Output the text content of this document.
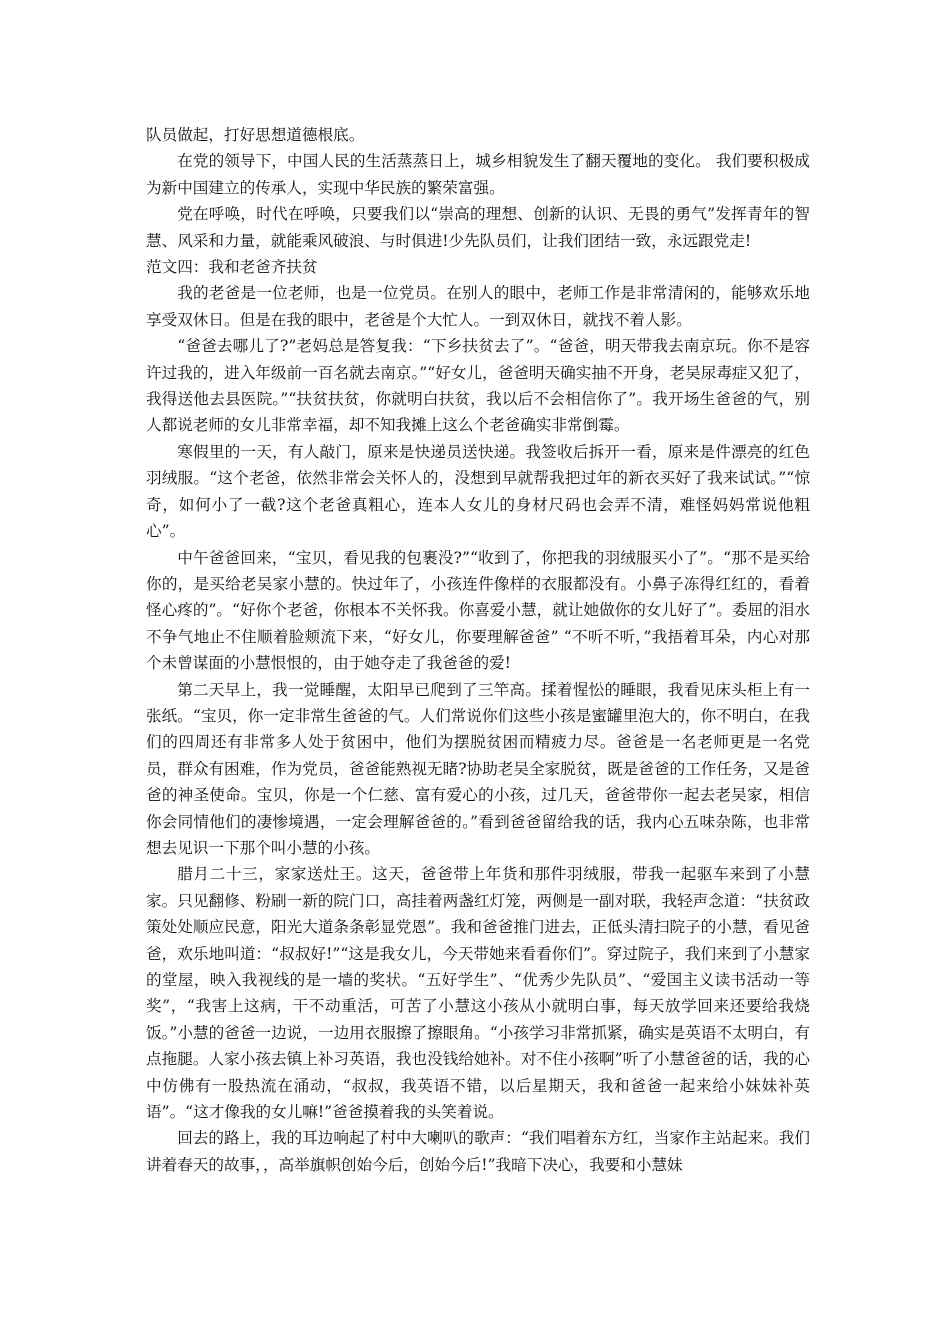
队员做起，打好思想道德根底。

在党的领导下，中国人民的生活蒸蒸日上，城乡相貌发生了翻天覆地的变化。 我们要积极成为新中国建立的传承人，实现中华民族的繁荣富强。

党在呼唤，时代在呼唤，只要我们以“崇高的理想、创新的认识、无畏的勇气”发挥青年的智慧、风采和力量，就能乘风破浪、与时俱进!少先队员们，让我们团结一致，永远跟党走!

范文四：我和老爸齐扶贫

我的老爸是一位老师，也是一位党员。在别人的眼中，老师工作是非常清闲的，能够欢乐地享受双休日。但是在我的眼中，老爸是个大忙人。一到双休日，就找不着人影。

“爸爸去哪儿了?”老妈总是答复我：“下乡扶贫去了”。“爸爸，明天带我去南京玩。你不是容许过我的，进入年级前一百名就去南京。”“好女儿，爸爸明天确实抽不开身，老吴尿毒症又犯了，我得送他去县医院。”“扶贫扶贫，你就明白扶贫，我以后不会相信你了”。我开场生爸爸的气，别人都说老师的女儿非常幸福，却不知我摊上这么个老爸确实非常倒霉。

寒假里的一天，有人敲门，原来是快递员送快递。我签收后拆开一看，原来是件漂亮的红色羽绒服。“这个老爸，依然非常会关怀人的，没想到早就帮我把过年的新衣买好了我来试试。”“惊奇，如何小了一截?这个老爸真粗心，连本人女儿的身材尺码也会弄不清，难怪妈妈常说他粗心”。

中午爸爸回来，“宝贝，看见我的包裹没?”“收到了，你把我的羽绒服买小了”。“那不是买给你的，是买给老吴家小慧的。快过年了，小孩连件像样的衣服都没有。小鼻子冻得红红的，看着怪心疼的”。“好你个老爸，你根本不关怀我。你喜爱小慧，就让她做你的女儿好了”。委屈的泪水不争气地止不住顺着脸颊流下来，“好女儿，你要理解爸爸” “不听不听，”我捂着耳朵，内心对那个未曾谋面的小慧恨恨的，由于她夺走了我爸爸的爱!

第二天早上，我一觉睡醒，太阳早已爬到了三竿高。揉着惺忪的睡眼，我看见床头柜上有一张纸。“宝贝，你一定非常生爸爸的气。人们常说你们这些小孩是蜜罐里泡大的，你不明白，在我们的四周还有非常多人处于贫困中，他们为摆脱贫困而精疲力尽。爸爸是一名老师更是一名党员，群众有困难，作为党员，爸爸能熟视无睹?协助老吴全家脱贫，既是爸爸的工作任务，又是爸爸的神圣使命。宝贝，你是一个仁慈、富有爱心的小孩，过几天，爸爸带你一起去老吴家，相信你会同情他们的凄惨境遇，一定会理解爸爸的。”看到爸爸留给我的话，我内心五味杂陈，也非常想去见识一下那个叫小慧的小孩。

腊月二十三，家家送灶王。这天，爸爸带上年货和那件羽绒服，带我一起驱车来到了小慧家。只见翻修、粉刷一新的院门口，高挂着两盏红灯笼，两侧是一副对联，我轻声念道：“扶贫政策处处顺应民意，阳光大道条条彰显党恩”。我和爸爸推门进去，正低头清扫院子的小慧，看见爸爸，欢乐地叫道：“叔叔好!”“这是我女儿，今天带她来看看你们”。穿过院子，我们来到了小慧家的堂屋，映入我视线的是一墙的奖状。“五好学生”、“优秀少先队员”、“爱国主义读书活动一等奖”，“我害上这病，干不动重活，可苦了小慧这小孩从小就明白事，每天放学回来还要给我烧饭。”小慧的爸爸一边说，一边用衣服擦了擦眼角。“小孩学习非常抓紧，确实是英语不太明白，有点拖腿。人家小孩去镇上补习英语，我也没钱给她补。对不住小孩啊”听了小慧爸爸的话，我的心中仿佛有一股热流在涌动，“叔叔，我英语不错，以后星期天，我和爸爸一起来给小妹妹补英语”。“这才像我的女儿嘛!”爸爸摸着我的头笑着说。

回去的路上，我的耳边响起了村中大喇叭的歌声：“我们唱着东方红，当家作主站起来。我们讲着春天的故事，，高举旗帜创始今后，创始今后!”我暗下决心，我要和小慧妹
